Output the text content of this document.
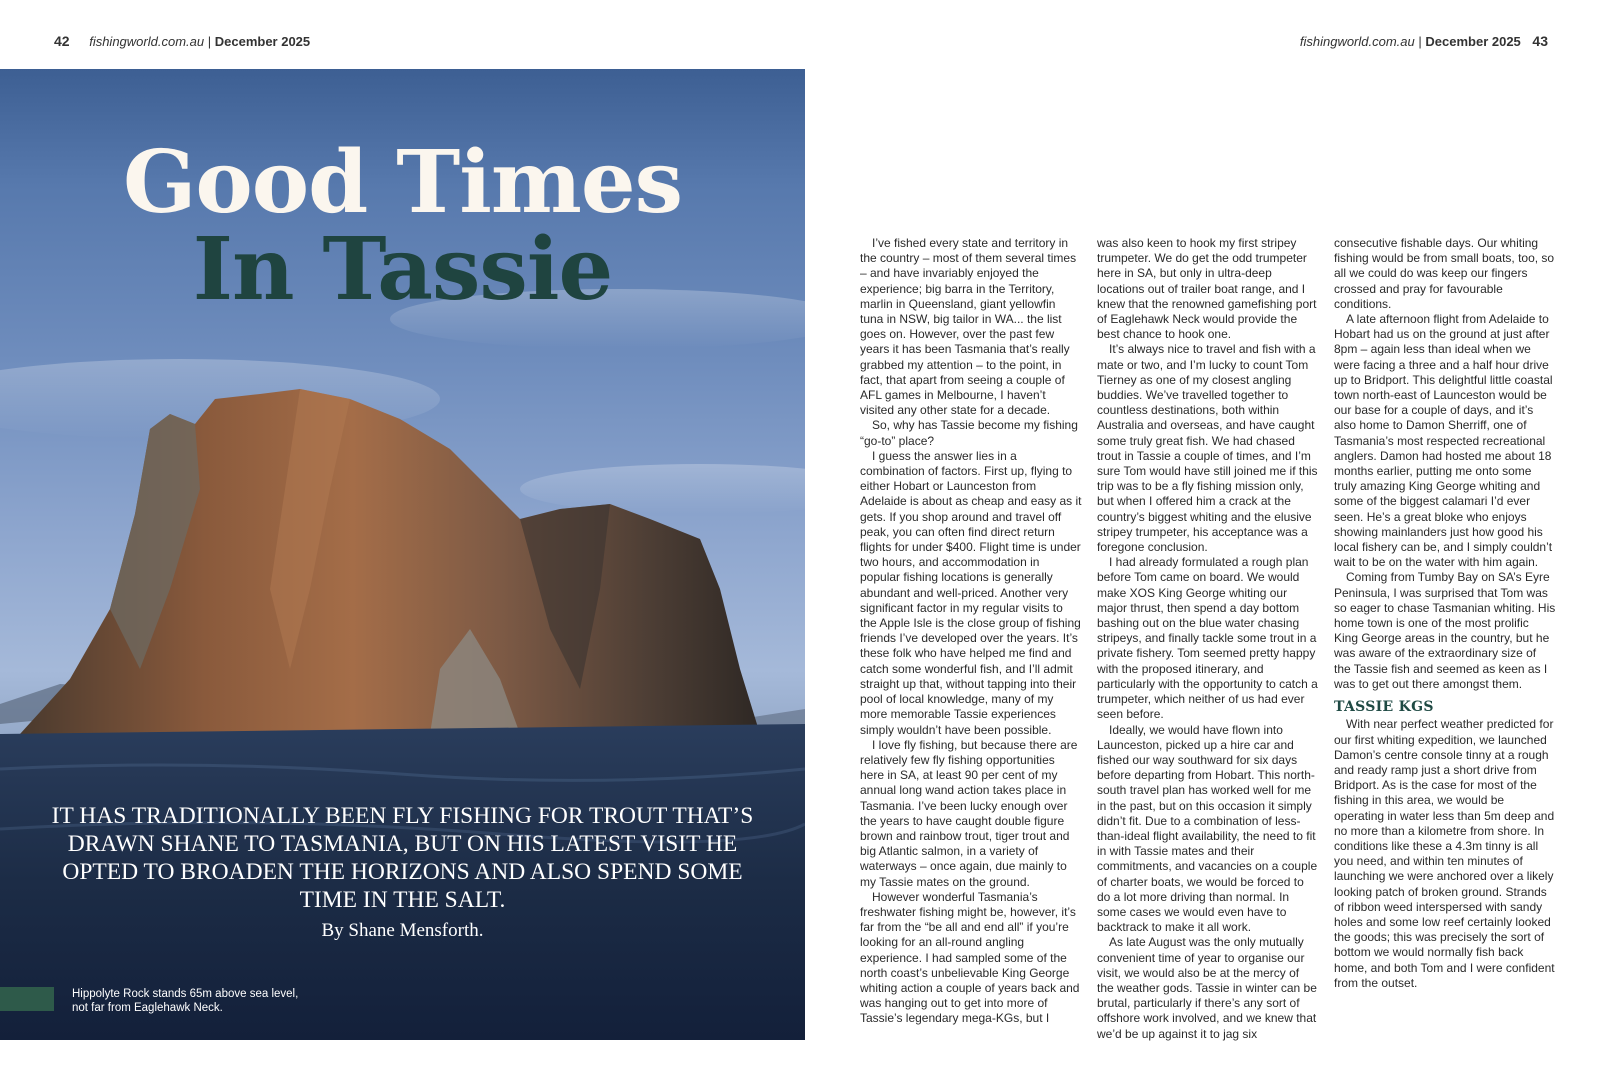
42 fishingworld.com.au | December 2025	fishingworld.com.au | December 2025 43
Good Times
In Tassie
IT HAS TRADITIONALLY BEEN FLY FISHING FOR TROUT THAT’S DRAWN SHANE TO TASMANIA, BUT ON HIS LATEST VISIT HE OPTED TO BROADEN THE HORIZONS AND ALSO SPEND SOME TIME IN THE SALT.
By Shane Mensforth.
Hippolyte Rock stands 65m above sea level, not far from Eaglehawk Neck.

I’ve fished every state and territory in the country – most of them several times – and have invariably enjoyed the experience; big barra in the Territory, marlin in Queensland, giant yellowfin tuna in NSW, big tailor in WA... the list goes on. However, over the past few years it has been Tasmania that’s really grabbed my attention – to the point, in fact, that apart from seeing a couple of AFL games in Melbourne, I haven’t visited any other state for a decade.

So, why has Tassie become my fishing “go-to” place?

I guess the answer lies in a combination of factors. First up, flying to either Hobart or Launceston from Adelaide is about as cheap and easy as it gets. If you shop around and travel off peak, you can often find direct return flights for under $400. Flight time is under two hours, and accommodation in popular fishing locations is generally abundant and well-priced. Another very significant factor in my regular visits to the Apple Isle is the close group of fishing friends I’ve developed over the years. It’s these folk who have helped me find and catch some wonderful fish, and I’ll admit straight up that, without tapping into their pool of local knowledge, many of my more memorable Tassie experiences simply wouldn’t have been possible.

I love fly fishing, but because there are relatively few fly fishing opportunities here in SA, at least 90 per cent of my annual long wand action takes place in Tasmania. I’ve been lucky enough over the years to have caught double figure brown and rainbow trout, tiger trout and big Atlantic salmon, in a variety of waterways – once again, due mainly to my Tassie mates on the ground.

However wonderful Tasmania’s freshwater fishing might be, however, it’s far from the “be all and end all” if you’re looking for an all-round angling experience. I had sampled some of the north coast’s unbelievable King George whiting action a couple of years back and was hanging out to get into more of Tassie’s legendary mega-KGs, but I

was also keen to hook my first stripey trumpeter. We do get the odd trumpeter here in SA, but only in ultra-deep locations out of trailer boat range, and I knew that the renowned gamefishing port of Eaglehawk Neck would provide the best chance to hook one.

It’s always nice to travel and fish with a mate or two, and I’m lucky to count Tom Tierney as one of my closest angling buddies. We’ve travelled together to countless destinations, both within Australia and overseas, and have caught some truly great fish. We had chased trout in Tassie a couple of times, and I’m sure Tom would have still joined me if this trip was to be a fly fishing mission only, but when I offered him a crack at the country’s biggest whiting and the elusive stripey trumpeter, his acceptance was a foregone conclusion.

I had already formulated a rough plan before Tom came on board. We would make XOS King George whiting our major thrust, then spend a day bottom bashing out on the blue water chasing stripeys, and finally tackle some trout in a private fishery. Tom seemed pretty happy with the proposed itinerary, and particularly with the opportunity to catch a trumpeter, which neither of us had ever seen before.

Ideally, we would have flown into Launceston, picked up a hire car and fished our way southward for six days before departing from Hobart. This north-south travel plan has worked well for me in the past, but on this occasion it simply didn’t fit. Due to a combination of less-than-ideal flight availability, the need to fit in with Tassie mates and their commitments, and vacancies on a couple of charter boats, we would be forced to do a lot more driving than normal. In some cases we would even have to backtrack to make it all work.

As late August was the only mutually convenient time of year to organise our visit, we would also be at the mercy of the weather gods. Tassie in winter can be brutal, particularly if there’s any sort of offshore work involved, and we knew that we’d be up against it to jag six

consecutive fishable days. Our whiting fishing would be from small boats, too, so all we could do was keep our fingers crossed and pray for favourable conditions.

A late afternoon flight from Adelaide to Hobart had us on the ground at just after 8pm – again less than ideal when we were facing a three and a half hour drive up to Bridport. This delightful little coastal town north-east of Launceston would be our base for a couple of days, and it’s also home to Damon Sherriff, one of Tasmania’s most respected recreational anglers. Damon had hosted me about 18 months earlier, putting me onto some truly amazing King George whiting and some of the biggest calamari I’d ever seen. He’s a great bloke who enjoys showing mainlanders just how good his local fishery can be, and I simply couldn’t wait to be on the water with him again.

Coming from Tumby Bay on SA’s Eyre Peninsula, I was surprised that Tom was so eager to chase Tasmanian whiting. His home town is one of the most prolific King George areas in the country, but he was aware of the extraordinary size of the Tassie fish and seemed as keen as I was to get out there amongst them.

TASSIE KGS

With near perfect weather predicted for our first whiting expedition, we launched Damon’s centre console tinny at a rough and ready ramp just a short drive from Bridport. As is the case for most of the fishing in this area, we would be operating in water less than 5m deep and no more than a kilometre from shore. In conditions like these a 4.3m tinny is all you need, and within ten minutes of launching we were anchored over a likely looking patch of broken ground. Strands of ribbon weed interspersed with sandy holes and some low reef certainly looked the goods; this was precisely the sort of bottom we would normally fish back home, and both Tom and I were confident from the outset.
